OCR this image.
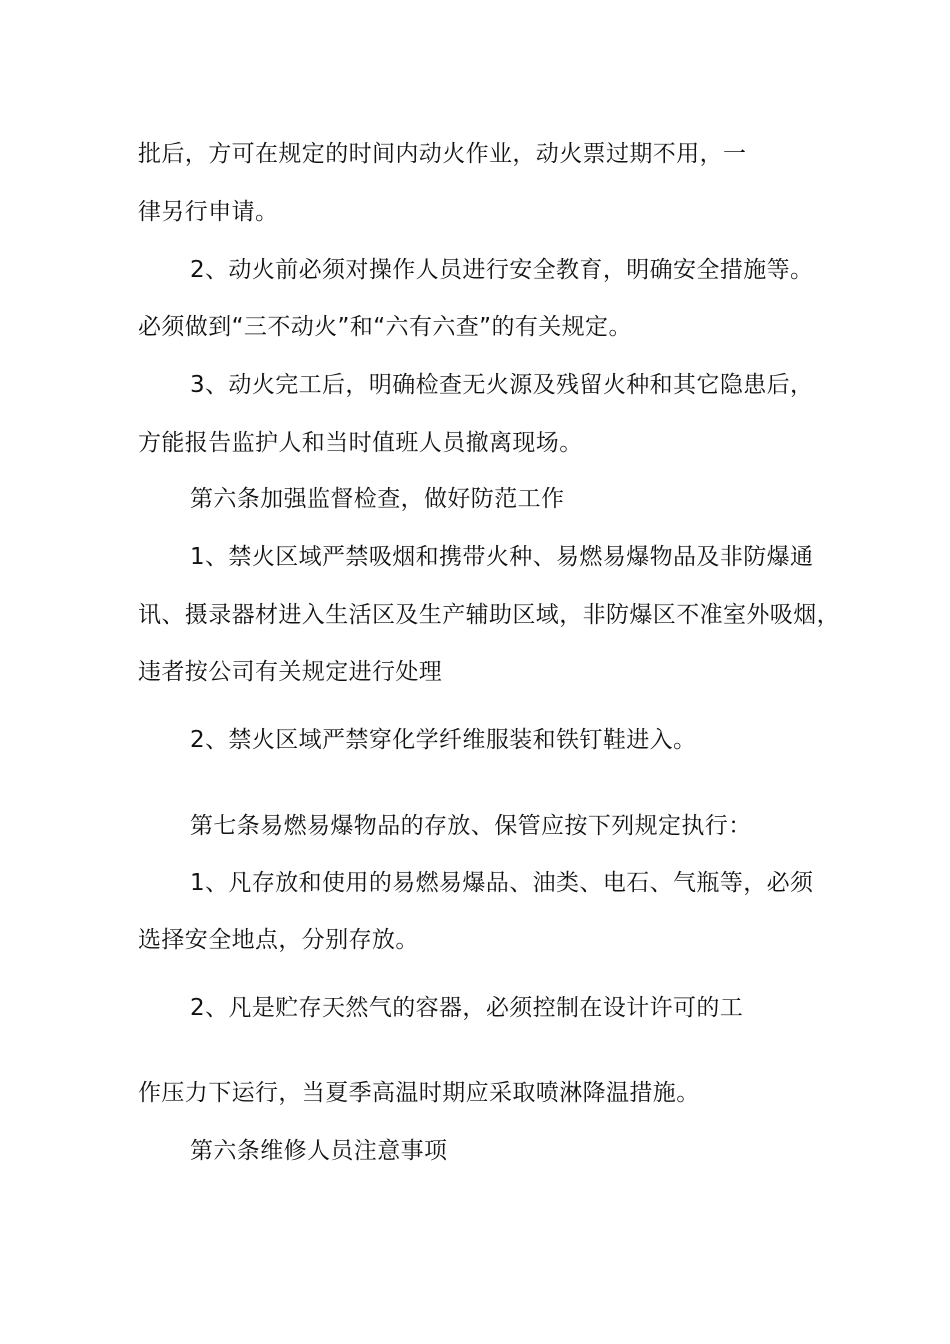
批后，方可在规定的时间内动火作业，动火票过期不用，一
律另行申请。
2、动火前必须对操作人员进行安全教育，明确安全措施等。
必须做到“三不动火”和“六有六查”的有关规定。
3、动火完工后，明确检查无火源及残留火种和其它隐患后，
方能报告监护人和当时值班人员撤离现场。
第六条加强监督检查，做好防范工作
1、禁火区域严禁吸烟和携带火种、易燃易爆物品及非防爆通
讯、摄录器材进入生活区及生产辅助区域，非防爆区不准室外吸烟，
违者按公司有关规定进行处理
2、禁火区域严禁穿化学纤维服装和铁钉鞋进入。
第七条易燃易爆物品的存放、保管应按下列规定执行：
1、凡存放和使用的易燃易爆品、油类、电石、气瓶等，必须
选择安全地点，分别存放。
2、凡是贮存天然气的容器，必须控制在设计许可的工
作压力下运行，当夏季高温时期应采取喷淋降温措施。
第六条维修人员注意事项
